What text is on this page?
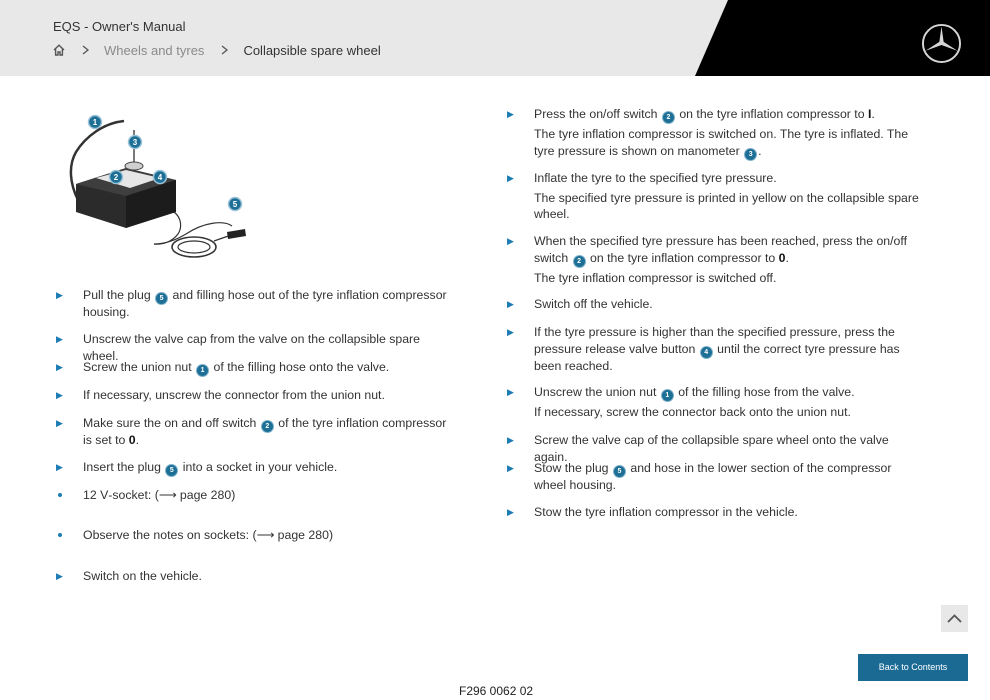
EQS - Owner's Manual
Wheels and tyres	Collapsible spare wheel
1
3
2	4
5
▶ Pull the plug 5 and filling hose out of the tyre inflation compressor housing.
▶ Unscrew the valve cap from the valve on the collapsible spare wheel.
▶ Screw the union nut 1 of the filling hose onto the valve.
▶ If necessary, unscrew the connector from the union nut.
▶ Make sure the on and off switch 2 of the tyre inflation compressor is set to 0.
▶ Insert the plug 5 into a socket in your vehicle.
12 V‑socket: (⟶ page 280)
Observe the notes on sockets: (⟶ page 280)
▶ Switch on the vehicle.
▶ Press the on/off switch 2 on the tyre inflation compressor to I.
The tyre inflation compressor is switched on. The tyre is inflated. The tyre pressure is shown on manometer 3 .
▶ Inflate the tyre to the specified tyre pressure.
The specified tyre pressure is printed in yellow on the collapsible spare wheel.
▶ When the specified tyre pressure has been reached, press the on/off switch 2 on the tyre inflation compressor to 0.
The tyre inflation compressor is switched off.
▶ Switch off the vehicle.
▶ If the tyre pressure is higher than the specified pressure, press the pressure release valve button 4 until the correct tyre pressure has been reached.
▶ Unscrew the union nut 1 of the filling hose from the valve.
If necessary, screw the connector back onto the union nut.
▶ Screw the valve cap of the collapsible spare wheel onto the valve again.
▶ Stow the plug 5 and hose in the lower section of the compressor wheel housing.
▶ Stow the tyre inflation compressor in the vehicle.
Back to Contents
F296 0062 02
